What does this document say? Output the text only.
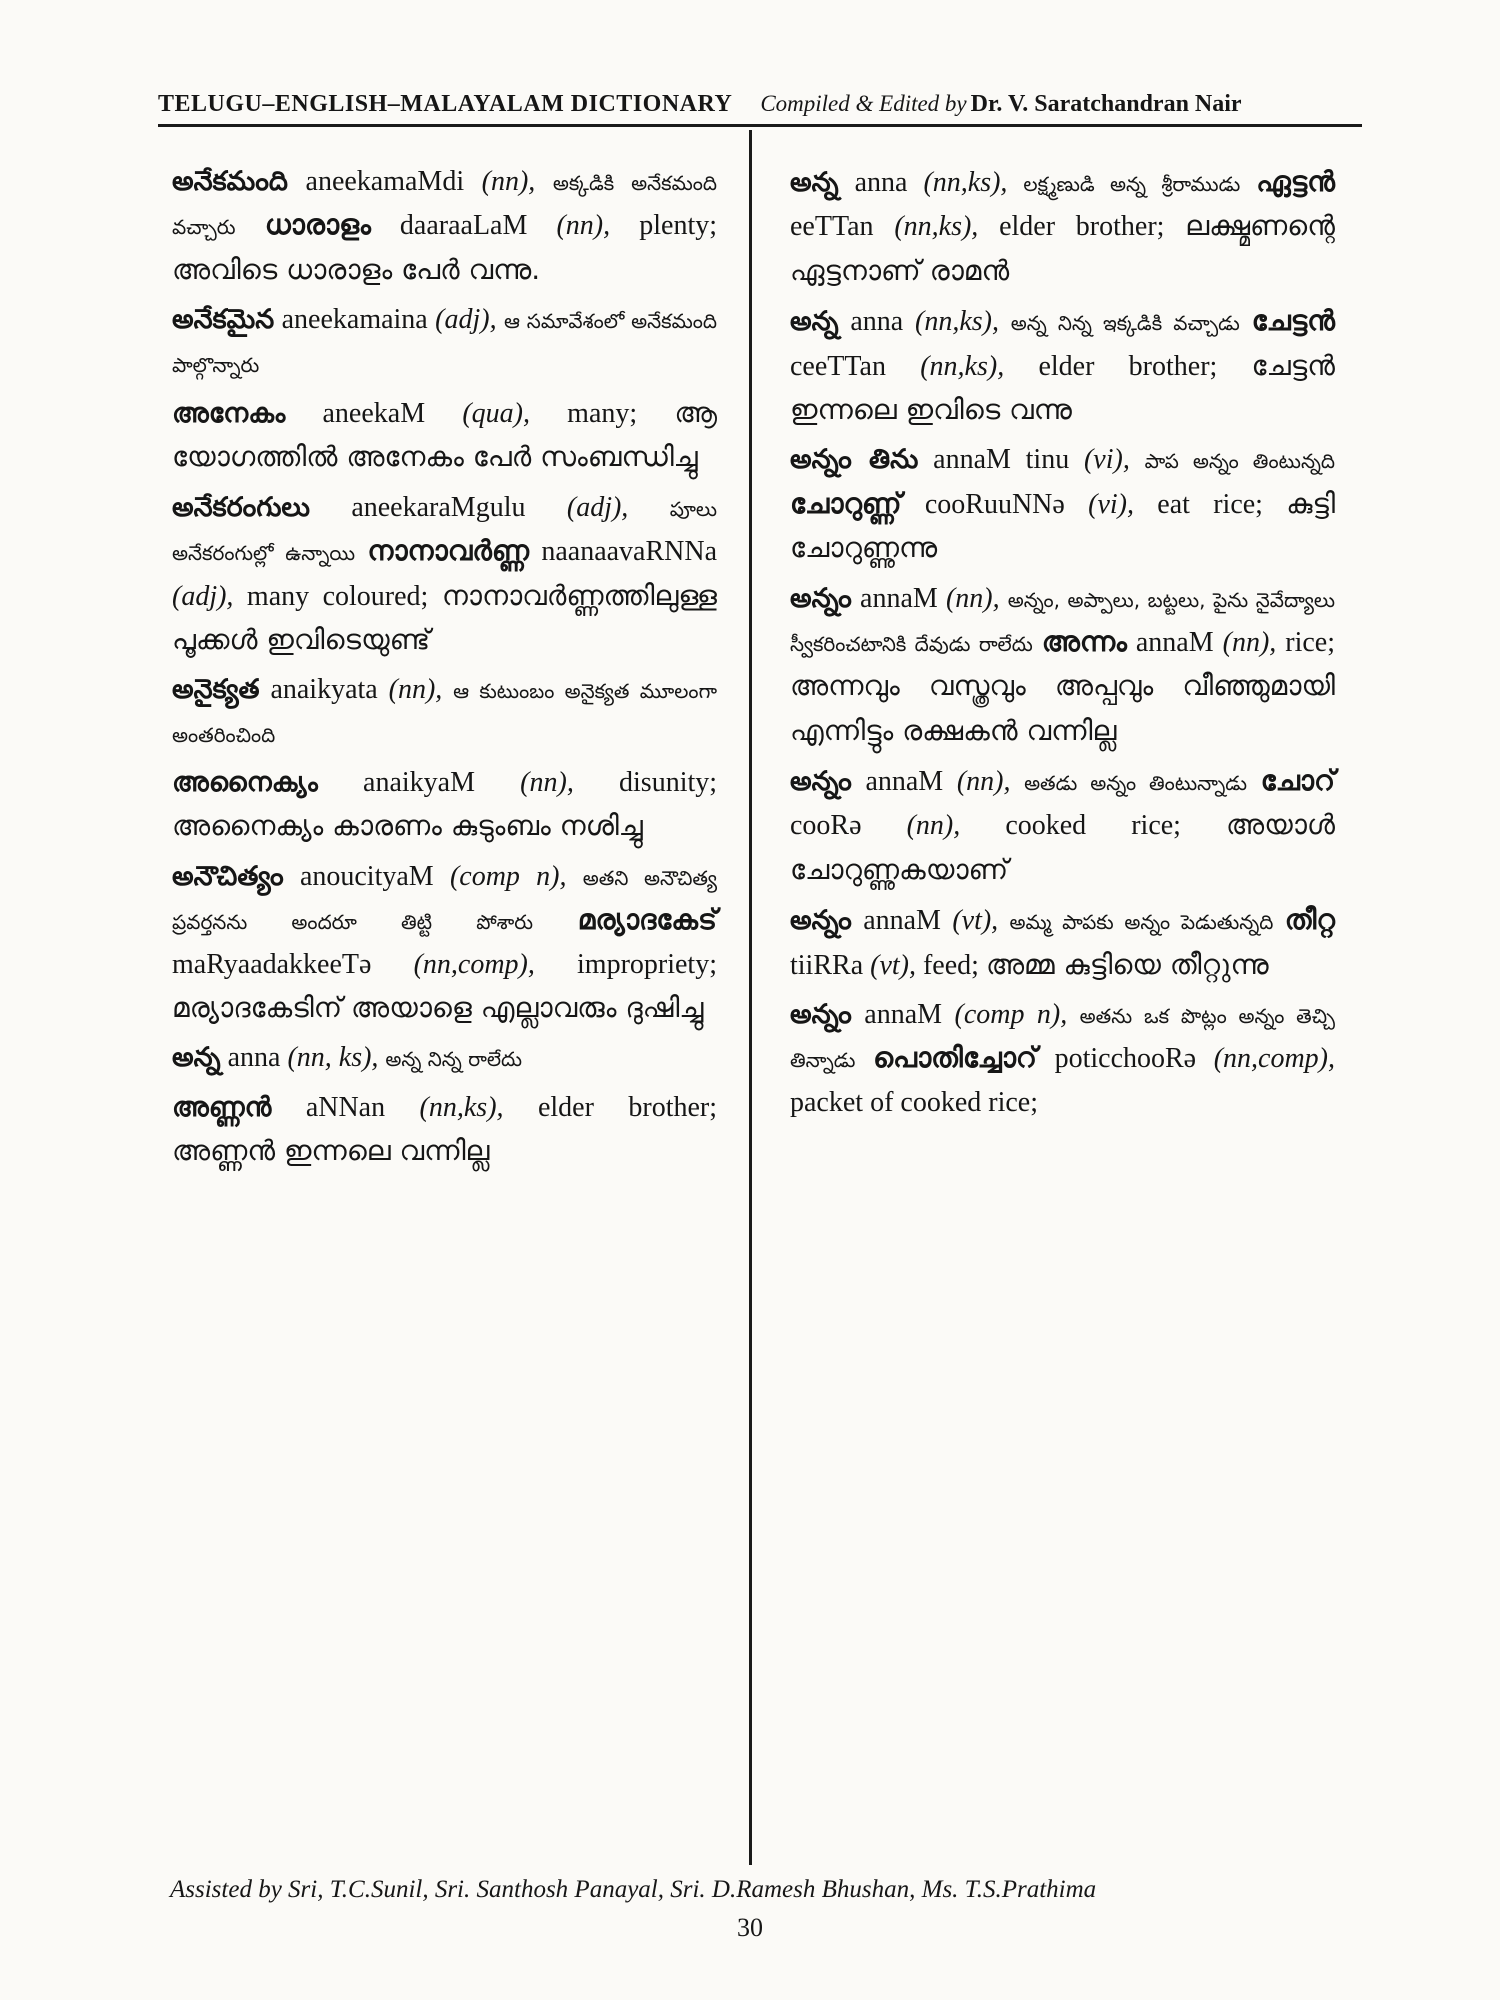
TELUGU–ENGLISH–MALAYALAM DICTIONARY Compiled & Edited by Dr. V. Saratchandran Nair
అనేకమంది aneekamaMdi (nn), అక్కడికి అనేకమంది వచ్చారు ധാരാളം daaraaLaM (nn), plenty; അവിടെ ധാരാളം പേർ വന്നു.
అనేకమైన aneekamaina (adj), ఆ సమావేశంలో అనేకమంది పాల్గొన్నారు
അനേകം aneekaM (qua), many; ആ യോഗത്തിൽ അനേകം പേർ സംബന്ധിച്ചു
అనేకరంగులు aneekaraMgulu (adj), పూలు అనేకరంగుల్లో ఉన్నాయి നാനാവർണ്ണ naanaavaRNNa (adj), many coloured; നാനാവർണ്ണത്തിലുള്ള പൂക്കൾ ഇവിടെയുണ്ട്
అనైక్యత anaikyata (nn), ఆ కుటుంబం అనైక్యత మూలంగా అంతరించింది
അനൈക്യം anaikyaM (nn), disunity; അനൈക്യം കാരണം കുടുംബം നശിച്ചു
అనౌచిత్యం anoucityaM (comp n), అతని అనౌచిత్య ప్రవర్తనను అందరూ తిట్టి పోశారు മര്യാദകേട് maRyaadakkeeTə (nn,comp), impropriety; മര്യാദകേടിന് അയാളെ എല്ലാവരും ദുഷിച്ചു
అన్న anna (nn, ks), అన్న నిన్న రాలేదు
അണ്ണൻ aNNan (nn,ks), elder brother; അണ്ണൻ ഇന്നലെ വന്നില്ല
అన్న anna (nn,ks), లక్ష్మణుడి అన్న శ్రీరాముడు ഏട്ടൻ eeTTan (nn,ks), elder brother; ലക്ഷ്മണന്റെ ഏട്ടനാണ് രാമൻ
అన్న anna (nn,ks), అన్న నిన్న ఇక్కడికి వచ్చాడు ചേട്ടൻ ceeTTan (nn,ks), elder brother; ചേട്ടൻ ഇന്നലെ ഇവിടെ വന്നു
అన్నం తిను annaM tinu (vi), పాప అన్నం తింటున్నది ചോറുണ്ണ് cooRuuNNə (vi), eat rice; കുട്ടി ചോറുണ്ണുന്നു
అన్నం annaM (nn), అన్నం, అప్పాలు, బట్టలు, పైను నైవేద్యాలు స్వీకరించటానికి దేవుడు రాలేదు അന്നം annaM (nn), rice; അന്നവും വസ്ത്രവും അപ്പവും വീഞ്ഞുമായി എന്നിട്ടും രക്ഷകൻ വന്നില്ല
అన్నం annaM (nn), అతడు అన్నం తింటున్నాడు ചോറ് cooRə (nn), cooked rice; അയാൾ ചോറുണ്ണുകയാണ്
అన్నం annaM (vt), అమ్మ పాపకు అన్నం పెడుతున్నది തീറ്റ tiiRRa (vt), feed; അമ്മ കുട്ടിയെ തീറ്റുന്നു
అన్నం annaM (comp n), అతను ఒక పొట్లం అన్నం తెచ్చి తిన్నాడు പൊതിച്ചോറ് poticchooRə (nn,comp), packet of cooked rice;
Assisted by Sri, T.C.Sunil, Sri. Santhosh Panayal, Sri. D.Ramesh Bhushan, Ms. T.S.Prathima
30
